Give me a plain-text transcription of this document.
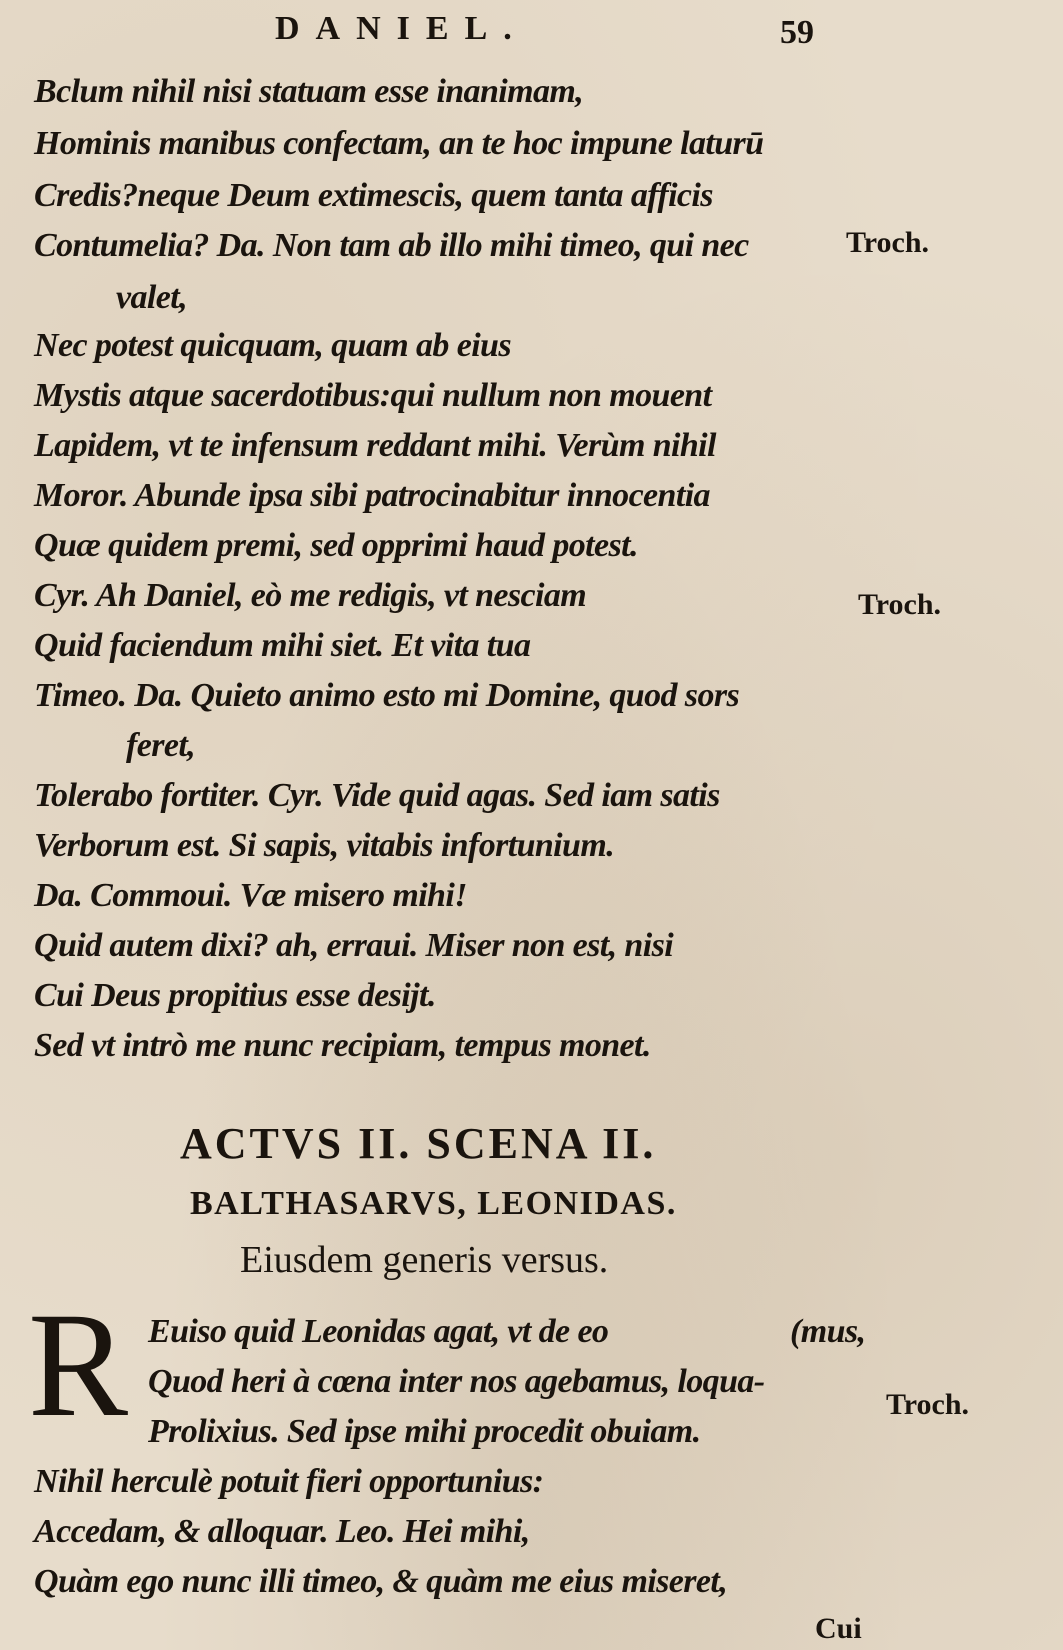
DANIEL.	59
Bclum nihil nisi statuam esse inanimam,
Hominis manibus confectam, an te hoc impune laturū
Credis?neque Deum extimescis, quem tanta afficis
Contumelia? Da. Non tam ab illo mihi timeo, qui nec
valet,
Nec potest quicquam, quam ab eius
Mystis atque sacerdotibus:qui nullum non mouent
Lapidem, vt te infensum reddant mihi. Verùm nihil
Moror. Abunde ipsa sibi patrocinabitur innocentia
Quæ quidem premi, sed opprimi haud potest.
Cyr. Ah Daniel, eò me redigis, vt nesciam
Quid faciendum mihi siet. Et vita tua
Timeo. Da. Quieto animo esto mi Domine, quod sors
feret,
Tolerabo fortiter. Cyr. Vide quid agas. Sed iam satis
Verborum est. Si sapis, vitabis infortunium.
Da. Commoui. Væ misero mihi!
Quid autem dixi? ah, erraui. Miser non est, nisi
Cui Deus propitius esse desijt.
Sed vt intrò me nunc recipiam, tempus monet.
Troch.
Troch.
Troch.
ACTVS II. SCENA II.
BALTHASARVS, LEONIDAS.
Eiusdem generis versus.
R Euiso quid Leonidas agat, vt de eo	(mus,
Quod heri à cœna inter nos agebamus, loqua-
Prolixius. Sed ipse mihi procedit obuiam.
Nihil herculè potuit fieri opportunius:
Accedam, & alloquar. Leo. Hei mihi,
Quàm ego nunc illi timeo, & quàm me eius miseret,
Cui
